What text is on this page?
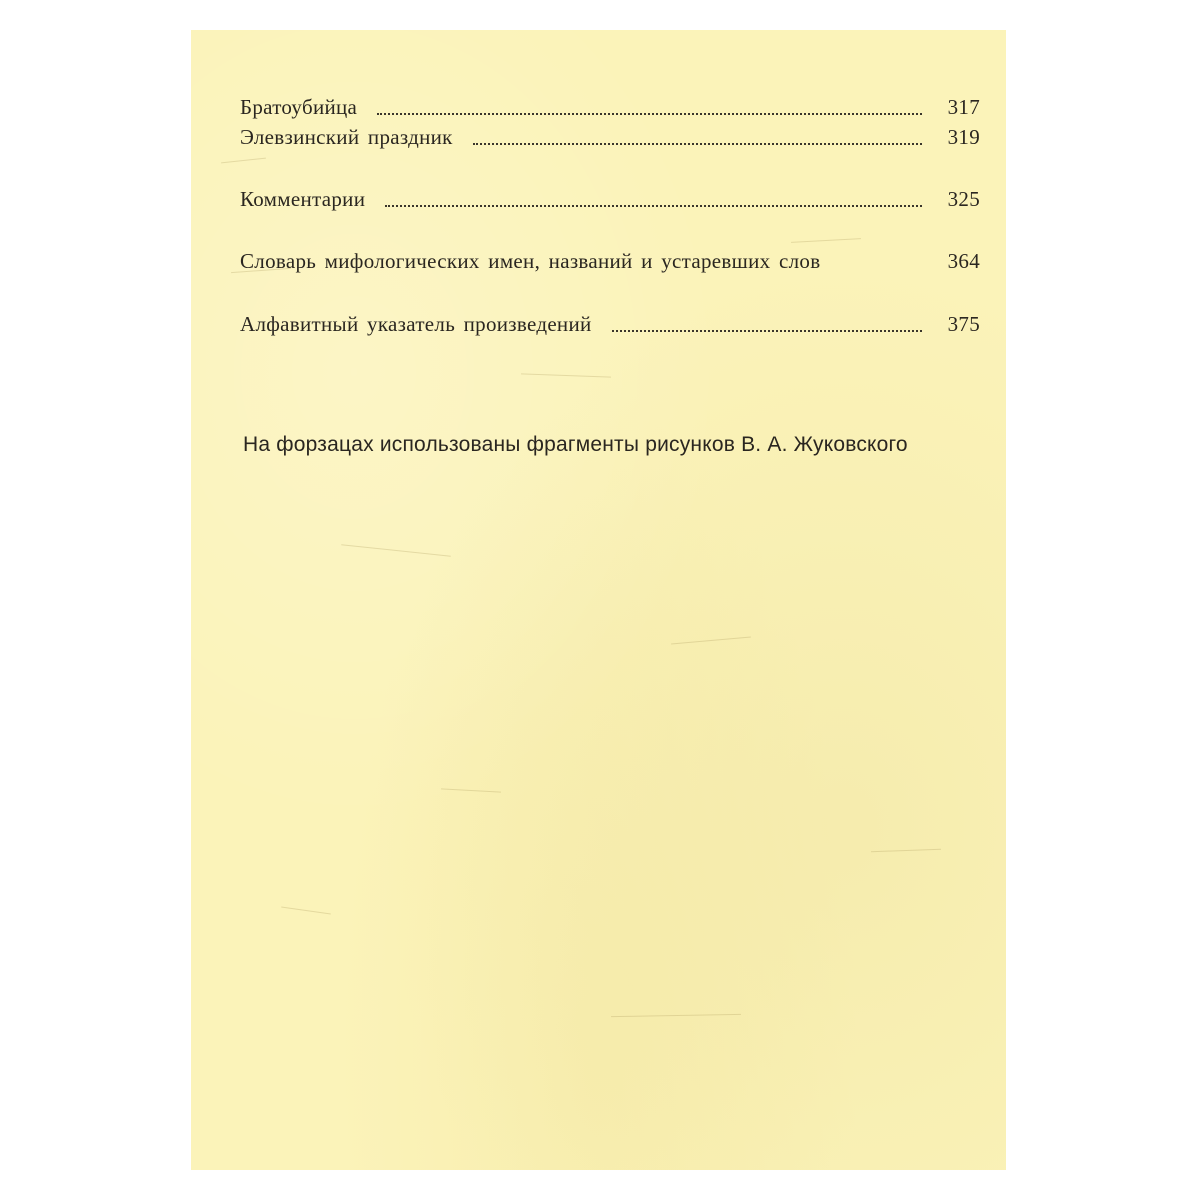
Братоубийца	317
Элевзинский праздник	319
Комментарии	325
Словарь мифологических имен, названий и устаревших слов	364
Алфавитный указатель произведений	375
На форзацах использованы фрагменты рисунков В. А. Жуковского
